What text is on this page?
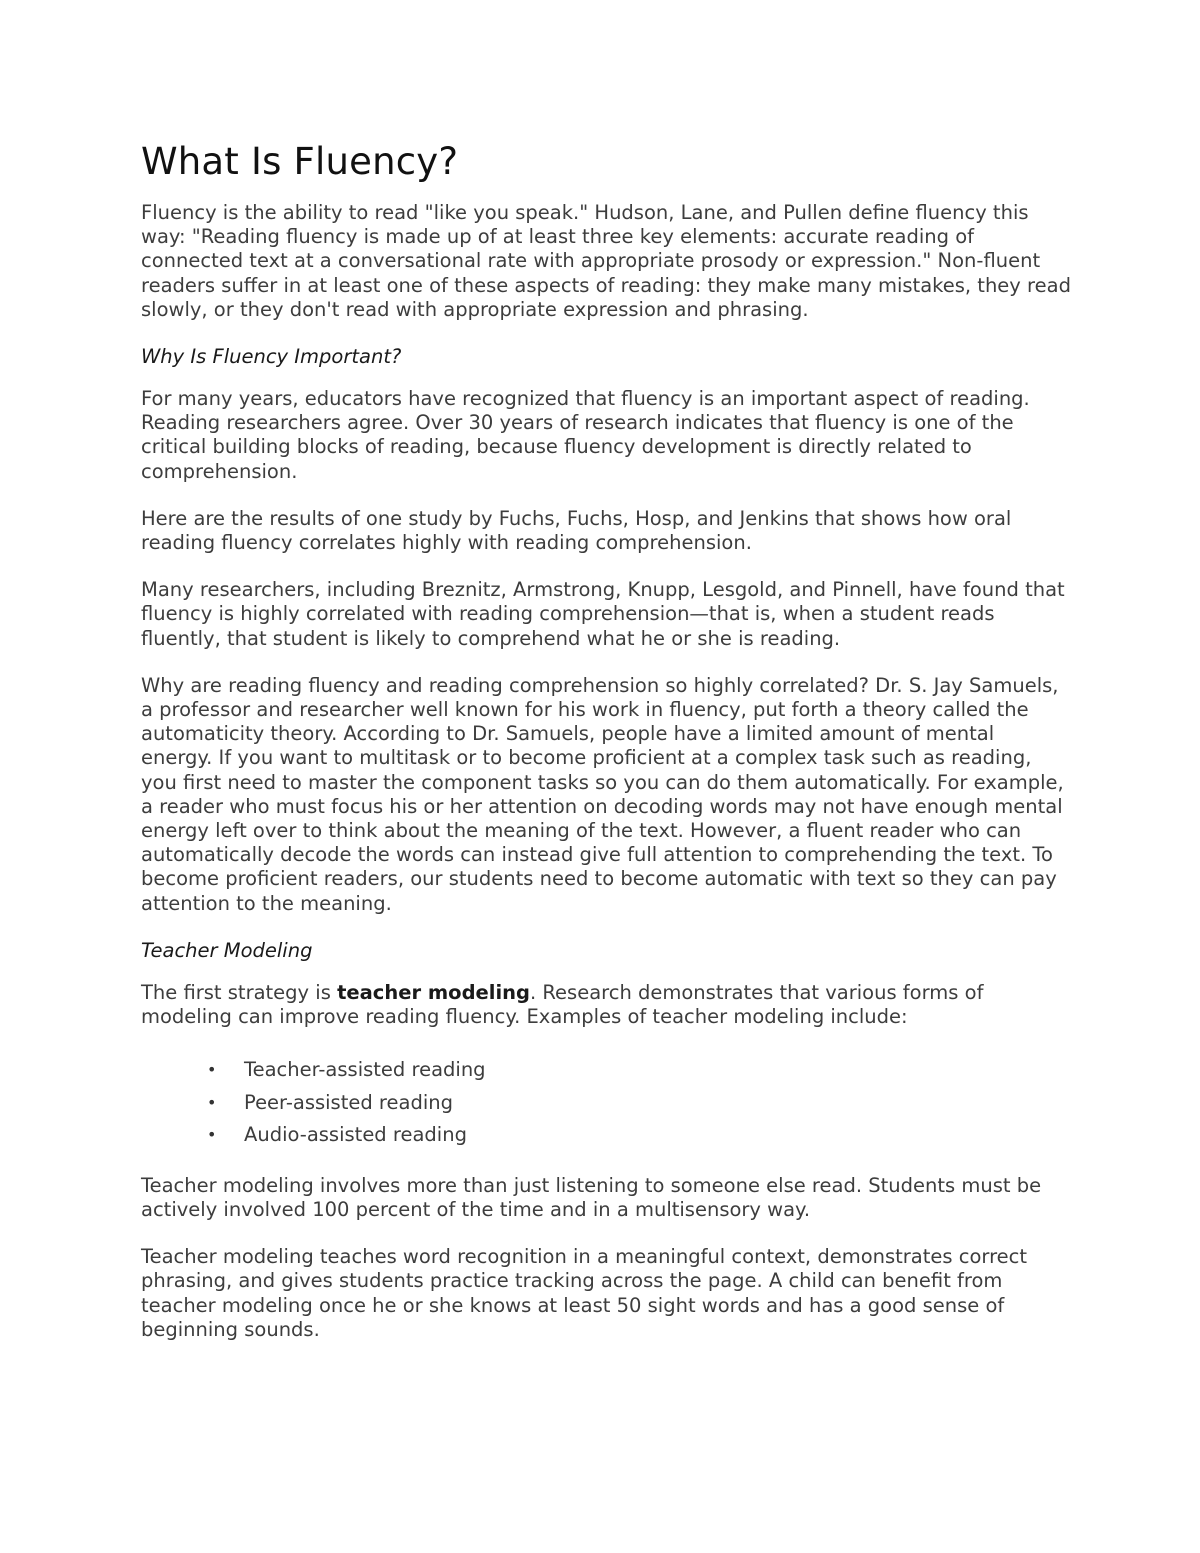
What Is Fluency?

Fluency is the ability to read "like you speak." Hudson, Lane, and Pullen define fluency this way: "Reading fluency is made up of at least three key elements: accurate reading of connected text at a conversational rate with appropriate prosody or expression." Non-fluent readers suffer in at least one of these aspects of reading: they make many mistakes, they read slowly, or they don't read with appropriate expression and phrasing.

Why Is Fluency Important?

For many years, educators have recognized that fluency is an important aspect of reading. Reading researchers agree. Over 30 years of research indicates that fluency is one of the critical building blocks of reading, because fluency development is directly related to comprehension.

Here are the results of one study by Fuchs, Fuchs, Hosp, and Jenkins that shows how oral reading fluency correlates highly with reading comprehension.

Many researchers, including Breznitz, Armstrong, Knupp, Lesgold, and Pinnell, have found that fluency is highly correlated with reading comprehension—that is, when a student reads fluently, that student is likely to comprehend what he or she is reading.

Why are reading fluency and reading comprehension so highly correlated? Dr. S. Jay Samuels, a professor and researcher well known for his work in fluency, put forth a theory called the automaticity theory. According to Dr. Samuels, people have a limited amount of mental energy. If you want to multitask or to become proficient at a complex task such as reading, you first need to master the component tasks so you can do them automatically. For example, a reader who must focus his or her attention on decoding words may not have enough mental energy left over to think about the meaning of the text. However, a fluent reader who can automatically decode the words can instead give full attention to comprehending the text. To become proficient readers, our students need to become automatic with text so they can pay attention to the meaning.

Teacher Modeling

The first strategy is teacher modeling. Research demonstrates that various forms of modeling can improve reading fluency. Examples of teacher modeling include:

• Teacher-assisted reading
• Peer-assisted reading
• Audio-assisted reading

Teacher modeling involves more than just listening to someone else read. Students must be actively involved 100 percent of the time and in a multisensory way.

Teacher modeling teaches word recognition in a meaningful context, demonstrates correct phrasing, and gives students practice tracking across the page. A child can benefit from teacher modeling once he or she knows at least 50 sight words and has a good sense of beginning sounds.
